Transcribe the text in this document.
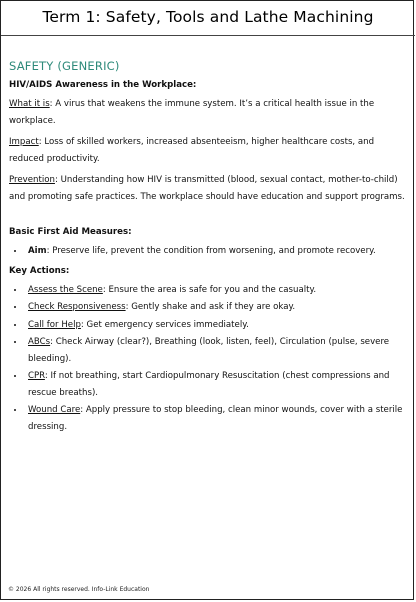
Term 1: Safety, Tools and Lathe Machining
SAFETY (GENERIC)
HIV/AIDS Awareness in the Workplace:

What it is: A virus that weakens the immune system. It’s a critical health issue in the workplace.

Impact: Loss of skilled workers, increased absenteeism, higher healthcare costs, and reduced productivity.

Prevention: Understanding how HIV is transmitted (blood, sexual contact, mother-to-child) and promoting safe practices. The workplace should have education and support programs.

Basic First Aid Measures:
• Aim: Preserve life, prevent the condition from worsening, and promote recovery.
Key Actions:
• Assess the Scene: Ensure the area is safe for you and the casualty.
• Check Responsiveness: Gently shake and ask if they are okay.
• Call for Help: Get emergency services immediately.
• ABCs: Check Airway (clear?), Breathing (look, listen, feel), Circulation (pulse, severe bleeding).
• CPR: If not breathing, start Cardiopulmonary Resuscitation (chest compressions and rescue breaths).
• Wound Care: Apply pressure to stop bleeding, clean minor wounds, cover with a sterile dressing.
© 2026 All rights reserved. Info-Link Education
